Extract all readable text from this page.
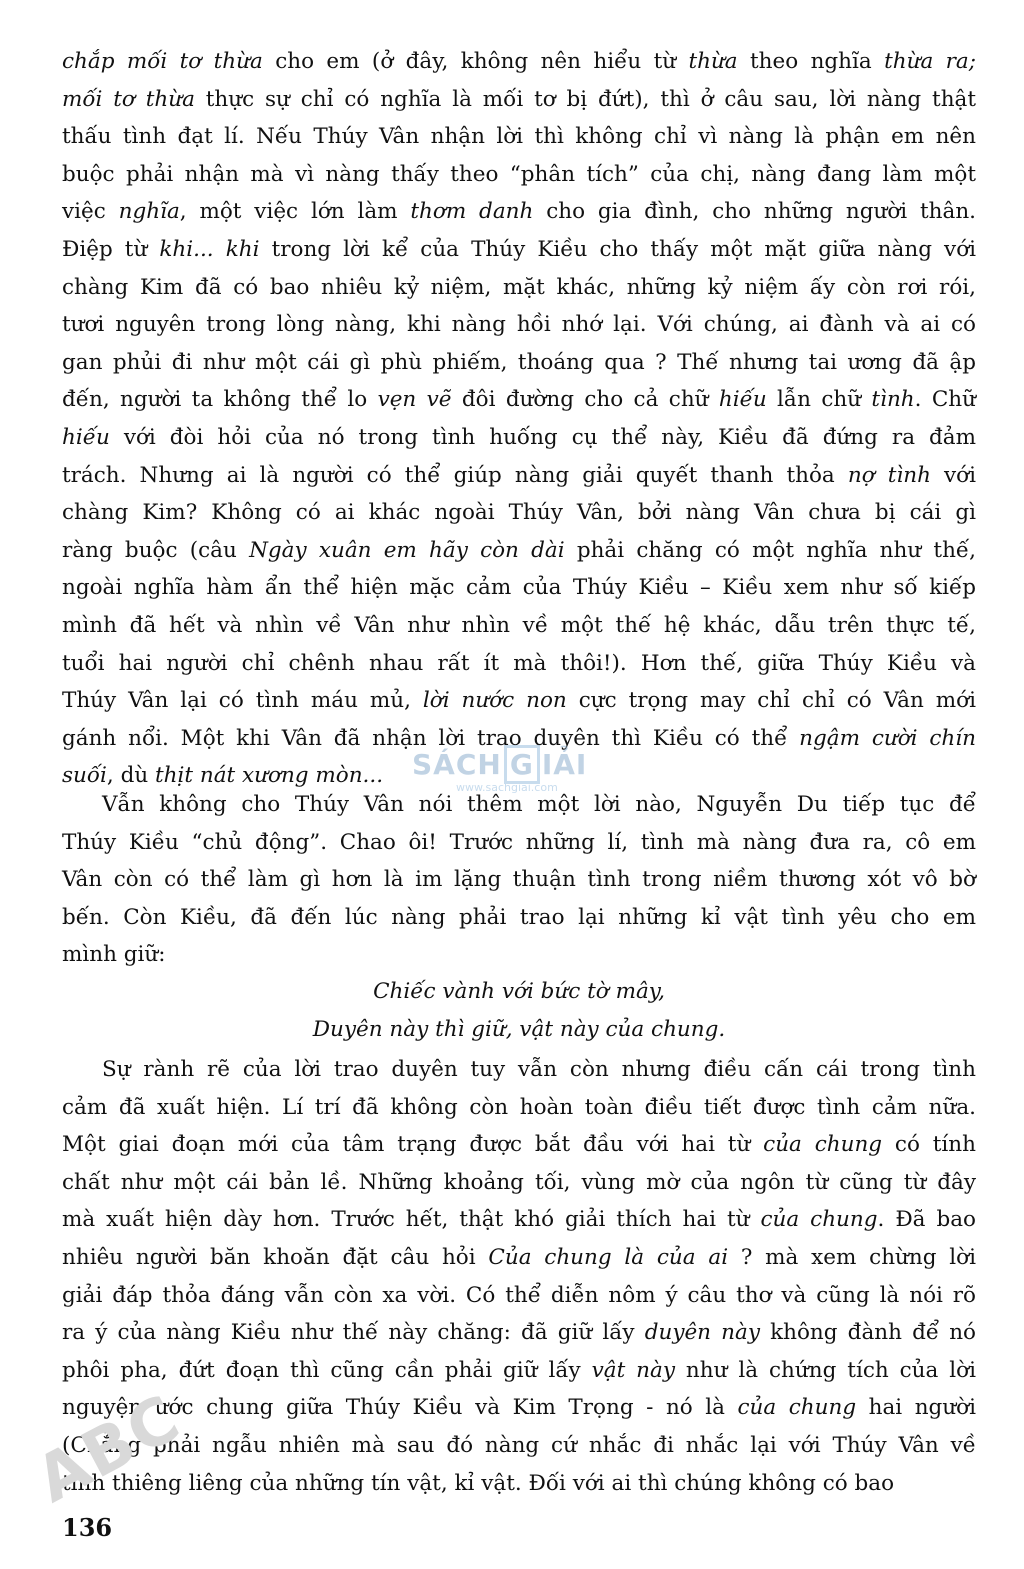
chắp mối tơ thừa cho em (ở đây, không nên hiểu từ thừa theo nghĩa thừa ra;
mối tơ thừa thực sự chỉ có nghĩa là mối tơ bị đứt), thì ở câu sau, lời nàng thật
thấu tình đạt lí. Nếu Thúy Vân nhận lời thì không chỉ vì nàng là phận em nên
buộc phải nhận mà vì nàng thấy theo “phân tích” của chị, nàng đang làm một
việc nghĩa, một việc lớn làm thơm danh cho gia đình, cho những người thân.
Điệp từ khi... khi trong lời kể của Thúy Kiều cho thấy một mặt giữa nàng với
chàng Kim đã có bao nhiêu kỷ niệm, mặt khác, những kỷ niệm ấy còn rơi rói,
tươi nguyên trong lòng nàng, khi nàng hồi nhớ lại. Với chúng, ai đành và ai có
gan phủi đi như một cái gì phù phiếm, thoáng qua ? Thế nhưng tai ương đã ập
đến, người ta không thể lo vẹn vẽ đôi đường cho cả chữ hiếu lẫn chữ tình. Chữ
hiếu với đòi hỏi của nó trong tình huống cụ thể này, Kiều đã đứng ra đảm
trách. Nhưng ai là người có thể giúp nàng giải quyết thanh thỏa nợ tình với
chàng Kim? Không có ai khác ngoài Thúy Vân, bởi nàng Vân chưa bị cái gì
ràng buộc (câu Ngày xuân em hãy còn dài phải chăng có một nghĩa như thế,
ngoài nghĩa hàm ẩn thể hiện mặc cảm của Thúy Kiều – Kiều xem như số kiếp
mình đã hết và nhìn về Vân như nhìn về một thế hệ khác, dẫu trên thực tế,
tuổi hai người chỉ chênh nhau rất ít mà thôi!). Hơn thế, giữa Thúy Kiều và
Thúy Vân lại có tình máu mủ, lời nước non cực trọng may chỉ chỉ có Vân mới
gánh nổi. Một khi Vân đã nhận lời trao duyên thì Kiều có thể ngậm cười chín
suối, dù thịt nát xương mòn...	SÁCH G IẢI
www.sachgiai.com
Vẫn không cho Thúy Vân nói thêm một lời nào, Nguyễn Du tiếp tục để
Thúy Kiều “chủ động”. Chao ôi! Trước những lí, tình mà nàng đưa ra, cô em
Vân còn có thể làm gì hơn là im lặng thuận tình trong niềm thương xót vô bờ
bến. Còn Kiều, đã đến lúc nàng phải trao lại những kỉ vật tình yêu cho em
mình giữ:
Chiếc vành với bức tờ mây,
Duyên này thì giữ, vật này của chung.
Sự rành rẽ của lời trao duyên tuy vẫn còn nhưng điều cấn cái trong tình
cảm đã xuất hiện. Lí trí đã không còn hoàn toàn điều tiết được tình cảm nữa.
Một giai đoạn mới của tâm trạng được bắt đầu với hai từ của chung có tính
chất như một cái bản lề. Những khoảng tối, vùng mờ của ngôn từ cũng từ đây
mà xuất hiện dày hơn. Trước hết, thật khó giải thích hai từ của chung. Đã bao
nhiêu người băn khoăn đặt câu hỏi Của chung là của ai ? mà xem chừng lời
giải đáp thỏa đáng vẫn còn xa vời. Có thể diễn nôm ý câu thơ và cũng là nói rõ
ra ý của nàng Kiều như thế này chăng: đã giữ lấy duyên này không đành để nó
phôi pha, đứt đoạn thì cũng cần phải giữ lấy vật này như là chứng tích của lời
nguyện ước chung giữa Thúy Kiều và Kim Trọng - nó là của chung hai người
(Chẳng phải ngẫu nhiên mà sau đó nàng cứ nhắc đi nhắc lại với Thúy Vân về
tính thiêng liêng của những tín vật, kỉ vật. Đối với ai thì chúng không có bao
ABC
136
